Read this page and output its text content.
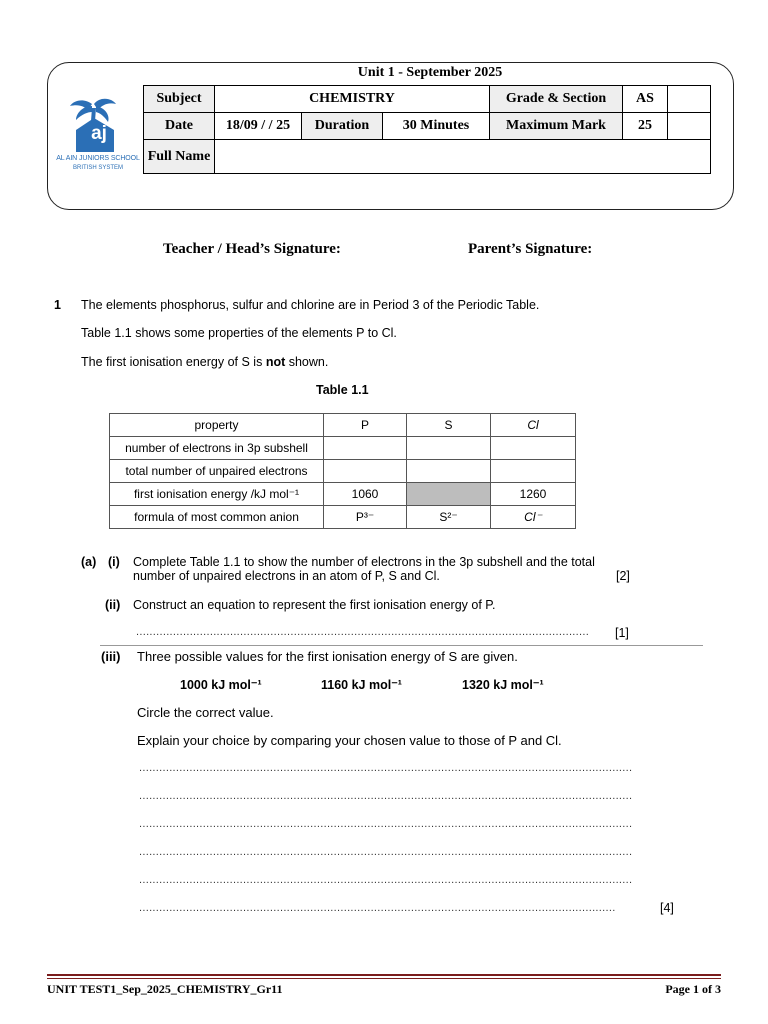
Unit 1 - September 2025
aj
AL AIN JUNIORS SCHOOL
BRITISH SYSTEM
Subject	CHEMISTRY			Grade & Section	AS	
Date	18/09 / / 25	Duration	30 Minutes	Maximum Mark	25	
Full Name						
Teacher / Head’s Signature:	Parent’s Signature:
1 The elements phosphorus, sulfur and chlorine are in Period 3 of the Periodic Table.
Table 1.1 shows some properties of the elements P to Cl.
The first ionisation energy of S is not shown.
Table 1.1
property	P	S	Cl
number of electrons in 3p subshell			
total number of unpaired electrons			
first ionisation energy /kJ mol⁻¹	1060		1260
formula of most common anion	P³⁻	S²⁻	Cl⁻
(a) (i) Complete Table 1.1 to show the number of electrons in the 3p subshell and the total
number of unpaired electrons in an atom of P, S and Cl.	[2]
(ii) Construct an equation to represent the first ionisation energy of P.
.......................................................................................................................................	[1]
(iii) Three possible values for the first ionisation energy of S are given.
1000 kJ mol⁻¹	1160 kJ mol⁻¹	1320 kJ mol⁻¹
Circle the correct value.
Explain your choice by comparing your chosen value to those of P and Cl.
...................................................................................................................................................
...................................................................................................................................................
...................................................................................................................................................
...................................................................................................................................................
...................................................................................................................................................
..............................................................................................................................................	[4]
UNIT TEST1_Sep_2025_CHEMISTRY_Gr11	Page 1 of 3
